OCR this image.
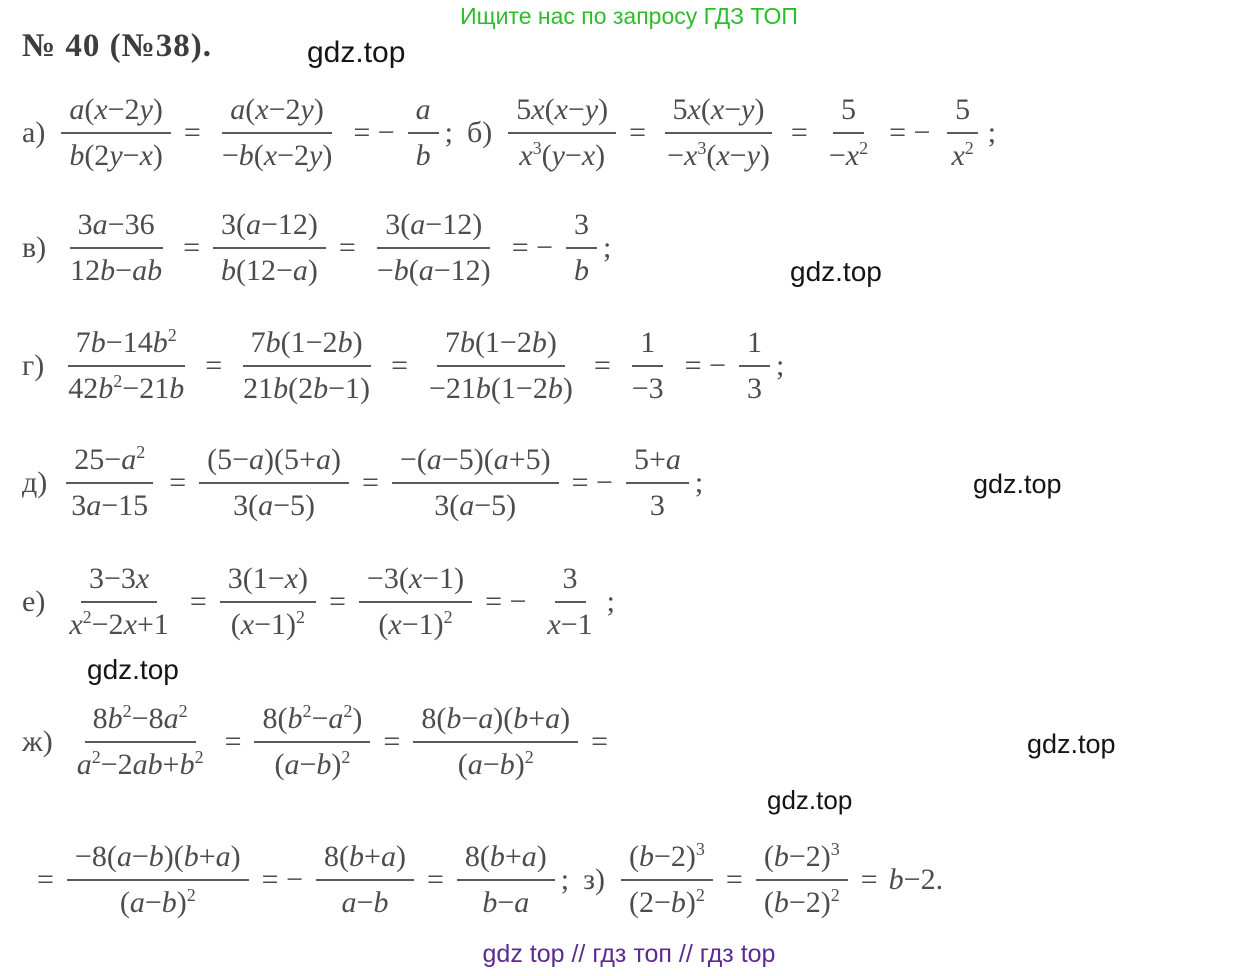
Ищите нас по запросу ГДЗ ТОП
№ 40 (№38).	gdz.top
gdz.top
gdz.top
gdz.top
gdz.top
gdz.top
$а) \frac{a(x-2y)}{b(2y-x)} = \frac{a(x-2y)}{-b(x-2y)}$ = − $\frac{a}{b}$ ; $б) \frac{5x(x-y)}{x^3(y-x)} = \frac{5x(x-y)}{-x^3(x-y)} = \frac{5}{-x^2}$ = − $\frac{5}{x^2}$ ;
$в) \frac{3a-36}{12b-ab} = \frac{3(a-12)}{b(12-a)} = \frac{3(a-12)}{-b(a-12)}$ = − $\frac{3}{b}$ ;
$г) \frac{7b-14b^2}{42b^2-21b} = \frac{7b(1-2b)}{21b(2b-1)} = \frac{7b(1-2b)}{-21b(1-2b)} = \frac{1}{-3}$ = − $\frac{1}{3}$ ;
$д) \frac{25-a^2}{3a-15} = \frac{(5-a)(5+a)}{3(a-5)} = \frac{-(a-5)(a+5)}{3(a-5)}$ = − $\frac{5+a}{3}$ ;
$е) \frac{3-3x}{x^2-2x+1} = \frac{3(1-x)}{(x-1)^2} = \frac{-3(x-1)}{(x-1)^2}$ = − $\frac{3}{x-1}$ ;
$ж) \frac{8b^2-8a^2}{a^2-2ab+b^2} = \frac{8(b^2-a^2)}{(a-b)^2} = \frac{8(b-a)(b+a)}{(a-b)^2}$ =
= $\frac{-8(a-b)(b+a)}{(a-b)^2}$ = − $\frac{8(b+a)}{a-b} = \frac{8(b+a)}{b-a}$ ; $з) \frac{(b-2)^3}{(2-b)^2} = \frac{(b-2)^3}{(b-2)^2} = b-2$.
gdz top // гдз топ // гдз top
